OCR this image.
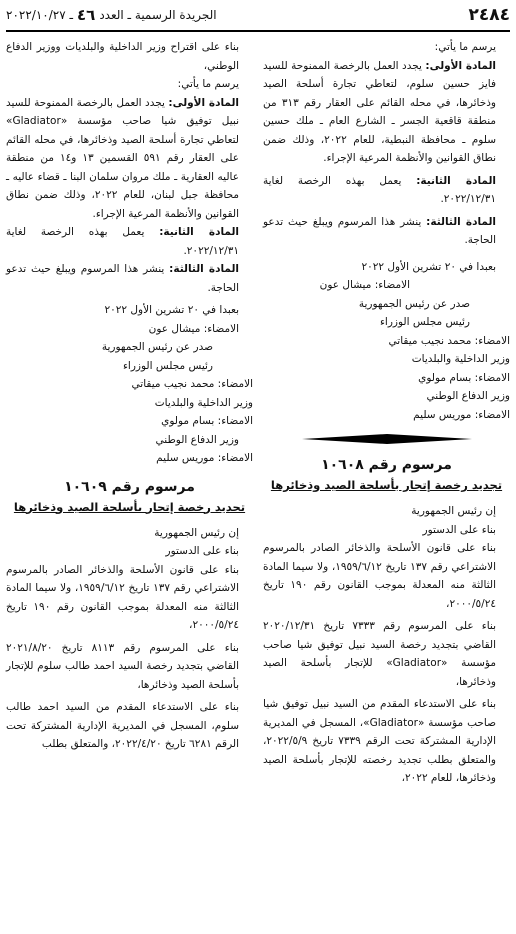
٢٤٨٤
الجريدة الرسمية ـ العدد
٤٦
ـ ٢٠٢٢/١٠/٢٧

يرسم ما يأتي:

المادة الأولى: يجدد العمل بالرخصة الممنوحة للسيد فايز حسين سلوم، لتعاطي تجارة أسلحة الصيد وذخائرها، في محله القائم على العقار رقم ٣١٣ من منطقة قاقعية الجسر ـ الشارع العام ـ ملك حسين سلوم ـ محافظة النبطية، للعام ٢٠٢٢، وذلك ضمن نطاق القوانين والأنظمة المرعية الإجراء.

المادة الثانية: يعمل بهذه الرخصة لغاية ٢٠٢٢/١٢/٣١.

المادة الثالثة: ينشر هذا المرسوم ويبلغ حيث تدعو الحاجة.

بعبدا في ٢٠ تشرين الأول ٢٠٢٢

الامضاء: ميشال عون

صدر عن رئيس الجمهورية

رئيس مجلس الوزراء

الامضاء: محمد نجيب ميقاتي

وزير الداخلية والبلديات

الامضاء: بسام مولوي

وزير الدفاع الوطني

الامضاء: موريس سليم

مرسوم رقم ١٠٦٠٨

تجديد رخصة إتجار بأسلحة الصيد وذخائرها

إن رئيس الجمهورية

بناء على الدستور

بناء على قانون الأسلحة والذخائر الصادر بالمرسوم الاشتراعي رقم ١٣٧ تاريخ ١٩٥٩/٦/١٢، ولا سيما المادة الثالثة منه المعدلة بموجب القانون رقم ١٩٠ تاريخ ٢٠٠٠/٥/٢٤،

بناء على المرسوم رقم ٧٣٣٣ تاريخ ٢٠٢٠/١٢/٣١ القاضي بتجديد رخصة السيد نبيل توفيق شيا صاحب مؤسسة «Gladiator» للإتجار بأسلحة الصيد وذخائرها،

بناء على الاستدعاء المقدم من السيد نبيل توفيق شيا صاحب مؤسسة «Gladiator»، المسجل في المديرية الإدارية المشتركة تحت الرقم ٧٣٣٩ تاريخ ٢٠٢٢/٥/٩، والمتعلق بطلب تجديد رخصته للإتجار بأسلحة الصيد وذخائرها، للعام ٢٠٢٢،

بناء على اقتراح وزير الداخلية والبلديات ووزير الدفاع الوطني،

يرسم ما يأتي:

المادة الأولى: يجدد العمل بالرخصة الممنوحة للسيد نبيل توفيق شيا صاحب مؤسسة «Gladiator» لتعاطي تجارة أسلحة الصيد وذخائرها، في محله القائم على العقار رقم ٥٩١ القسمين ١٣ و١٤ من منطقة عاليه العقارية ـ ملك مروان سلمان البنا ـ قضاء عاليه ـ محافظة جبل لبنان، للعام ٢٠٢٢، وذلك ضمن نطاق القوانين والأنظمة المرعية الإجراء.

المادة الثانية: يعمل بهذه الرخصة لغاية ٢٠٢٢/١٢/٣١.

المادة الثالثة: ينشر هذا المرسوم ويبلغ حيث تدعو الحاجة.

بعبدا في ٢٠ تشرين الأول ٢٠٢٢

الامضاء: ميشال عون

صدر عن رئيس الجمهورية

رئيس مجلس الوزراء

الامضاء: محمد نجيب ميقاتي

وزير الداخلية والبلديات

الامضاء: بسام مولوي

وزير الدفاع الوطني

الامضاء: موريس سليم

مرسوم رقم ١٠٦٠٩

تجديد رخصة إتجار بأسلحة الصيد وذخائرها

إن رئيس الجمهورية

بناء على الدستور

بناء على قانون الأسلحة والذخائر الصادر بالمرسوم الاشتراعي رقم ١٣٧ تاريخ ١٩٥٩/٦/١٢، ولا سيما المادة الثالثة منه المعدلة بموجب القانون رقم ١٩٠ تاريخ ٢٠٠٠/٥/٢٤،

بناء على المرسوم رقم ٨١١٣ تاريخ ٢٠٢١/٨/٢٠ القاضي بتجديد رخصة السيد احمد طالب سلوم للإتجار بأسلحة الصيد وذخائرها،

بناء على الاستدعاء المقدم من السيد احمد طالب سلوم، المسجل في المديرية الإدارية المشتركة تحت الرقم ٦٢٨١ تاريخ ٢٠٢٢/٤/٢٠، والمتعلق بطلب
